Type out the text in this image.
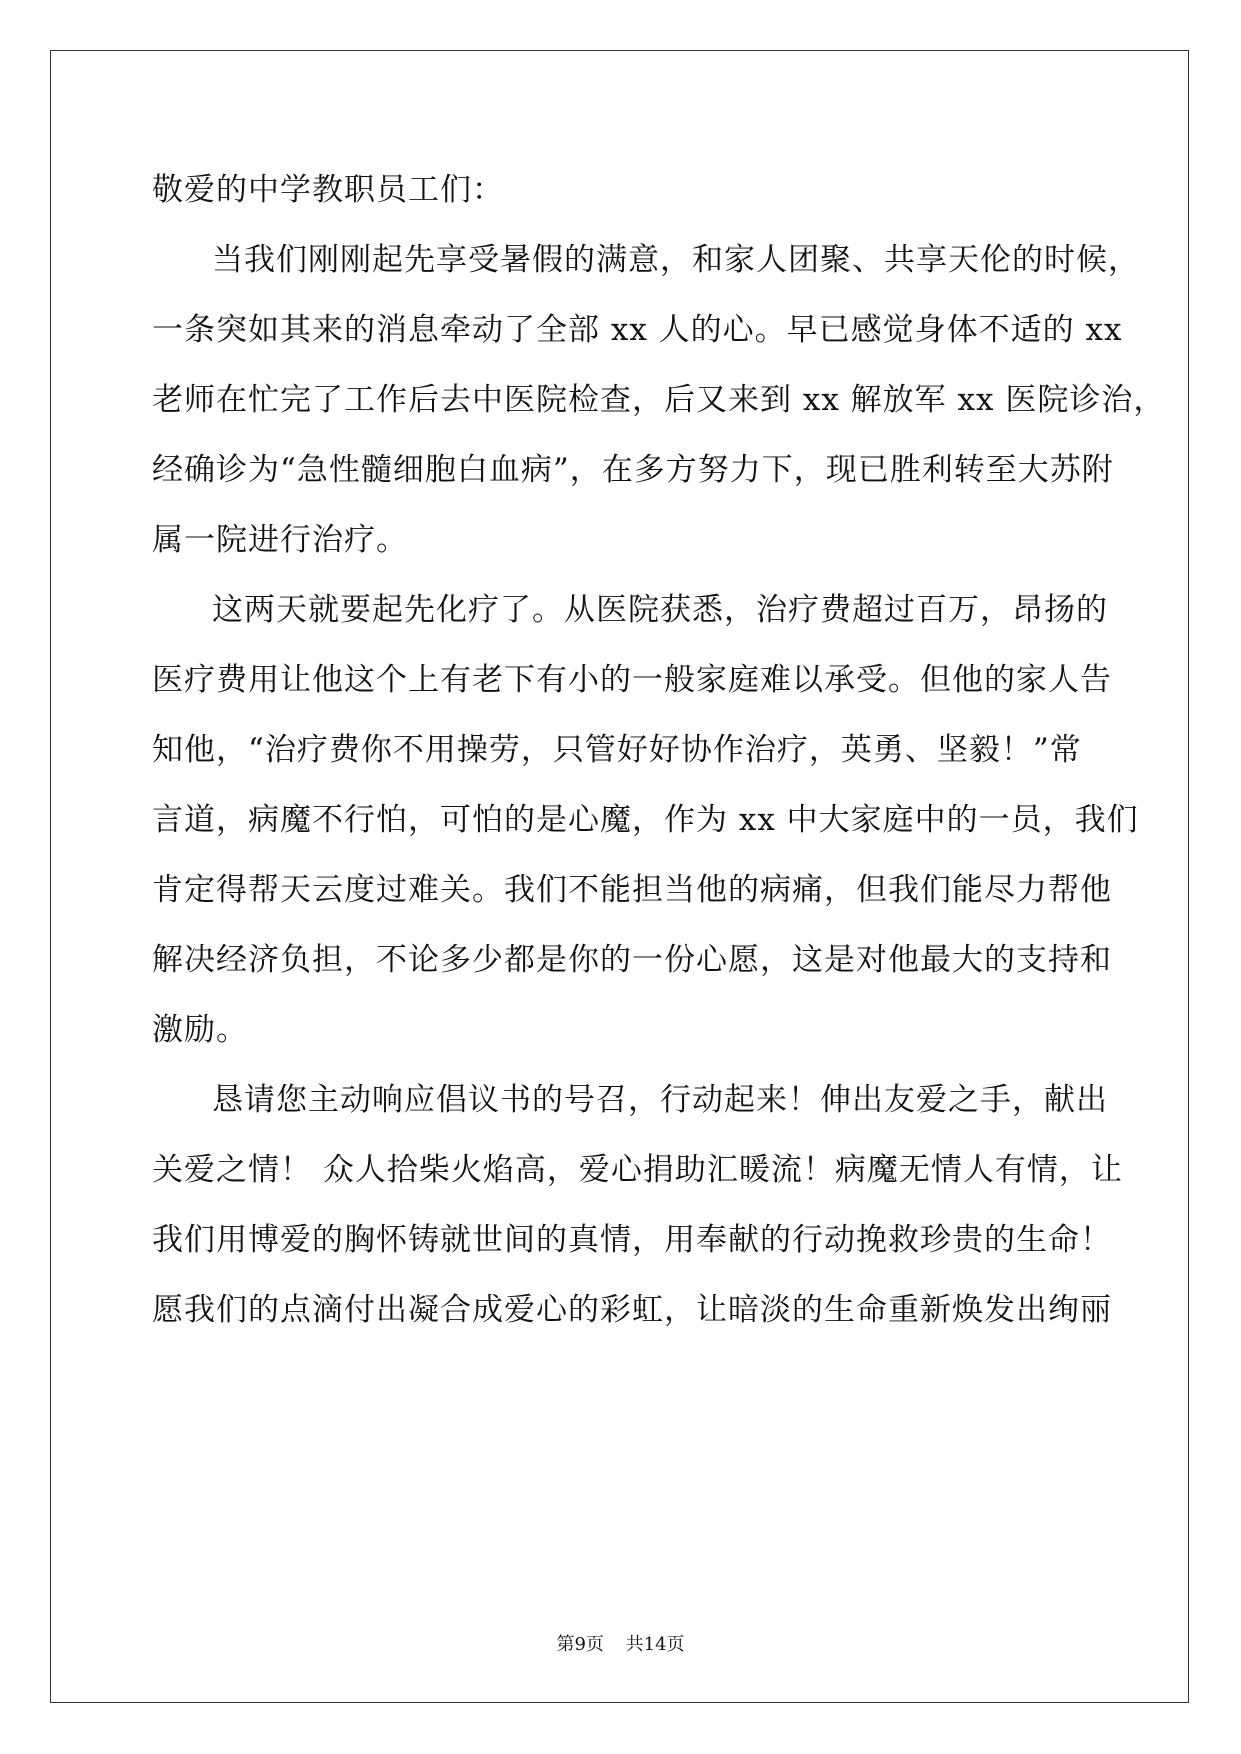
敬爱的中学教职员工们：
当我们刚刚起先享受暑假的满意，和家人团聚、共享天伦的时候，
一条突如其来的消息牵动了全部 xx 人的心。早已感觉身体不适的 xx
老师在忙完了工作后去中医院检查，后又来到 xx 解放军 xx 医院诊治，
经确诊为“急性髓细胞白血病”，在多方努力下，现已胜利转至大苏附
属一院进行治疗。
这两天就要起先化疗了。从医院获悉，治疗费超过百万，昂扬的
医疗费用让他这个上有老下有小的一般家庭难以承受。但他的家人告
知他，“治疗费你不用操劳，只管好好协作治疗，英勇、坚毅！”常
言道，病魔不行怕，可怕的是心魔，作为 xx 中大家庭中的一员，我们
肯定得帮天云度过难关。我们不能担当他的病痛，但我们能尽力帮他
解决经济负担，不论多少都是你的一份心愿，这是对他最大的支持和
激励。
恳请您主动响应倡议书的号召，行动起来！伸出友爱之手，献出
关爱之情！ 众人拾柴火焰高，爱心捐助汇暖流！病魔无情人有情，让
我们用博爱的胸怀铸就世间的真情，用奉献的行动挽救珍贵的生命！
愿我们的点滴付出凝合成爱心的彩虹，让暗淡的生命重新焕发出绚丽
第9页 共14页
